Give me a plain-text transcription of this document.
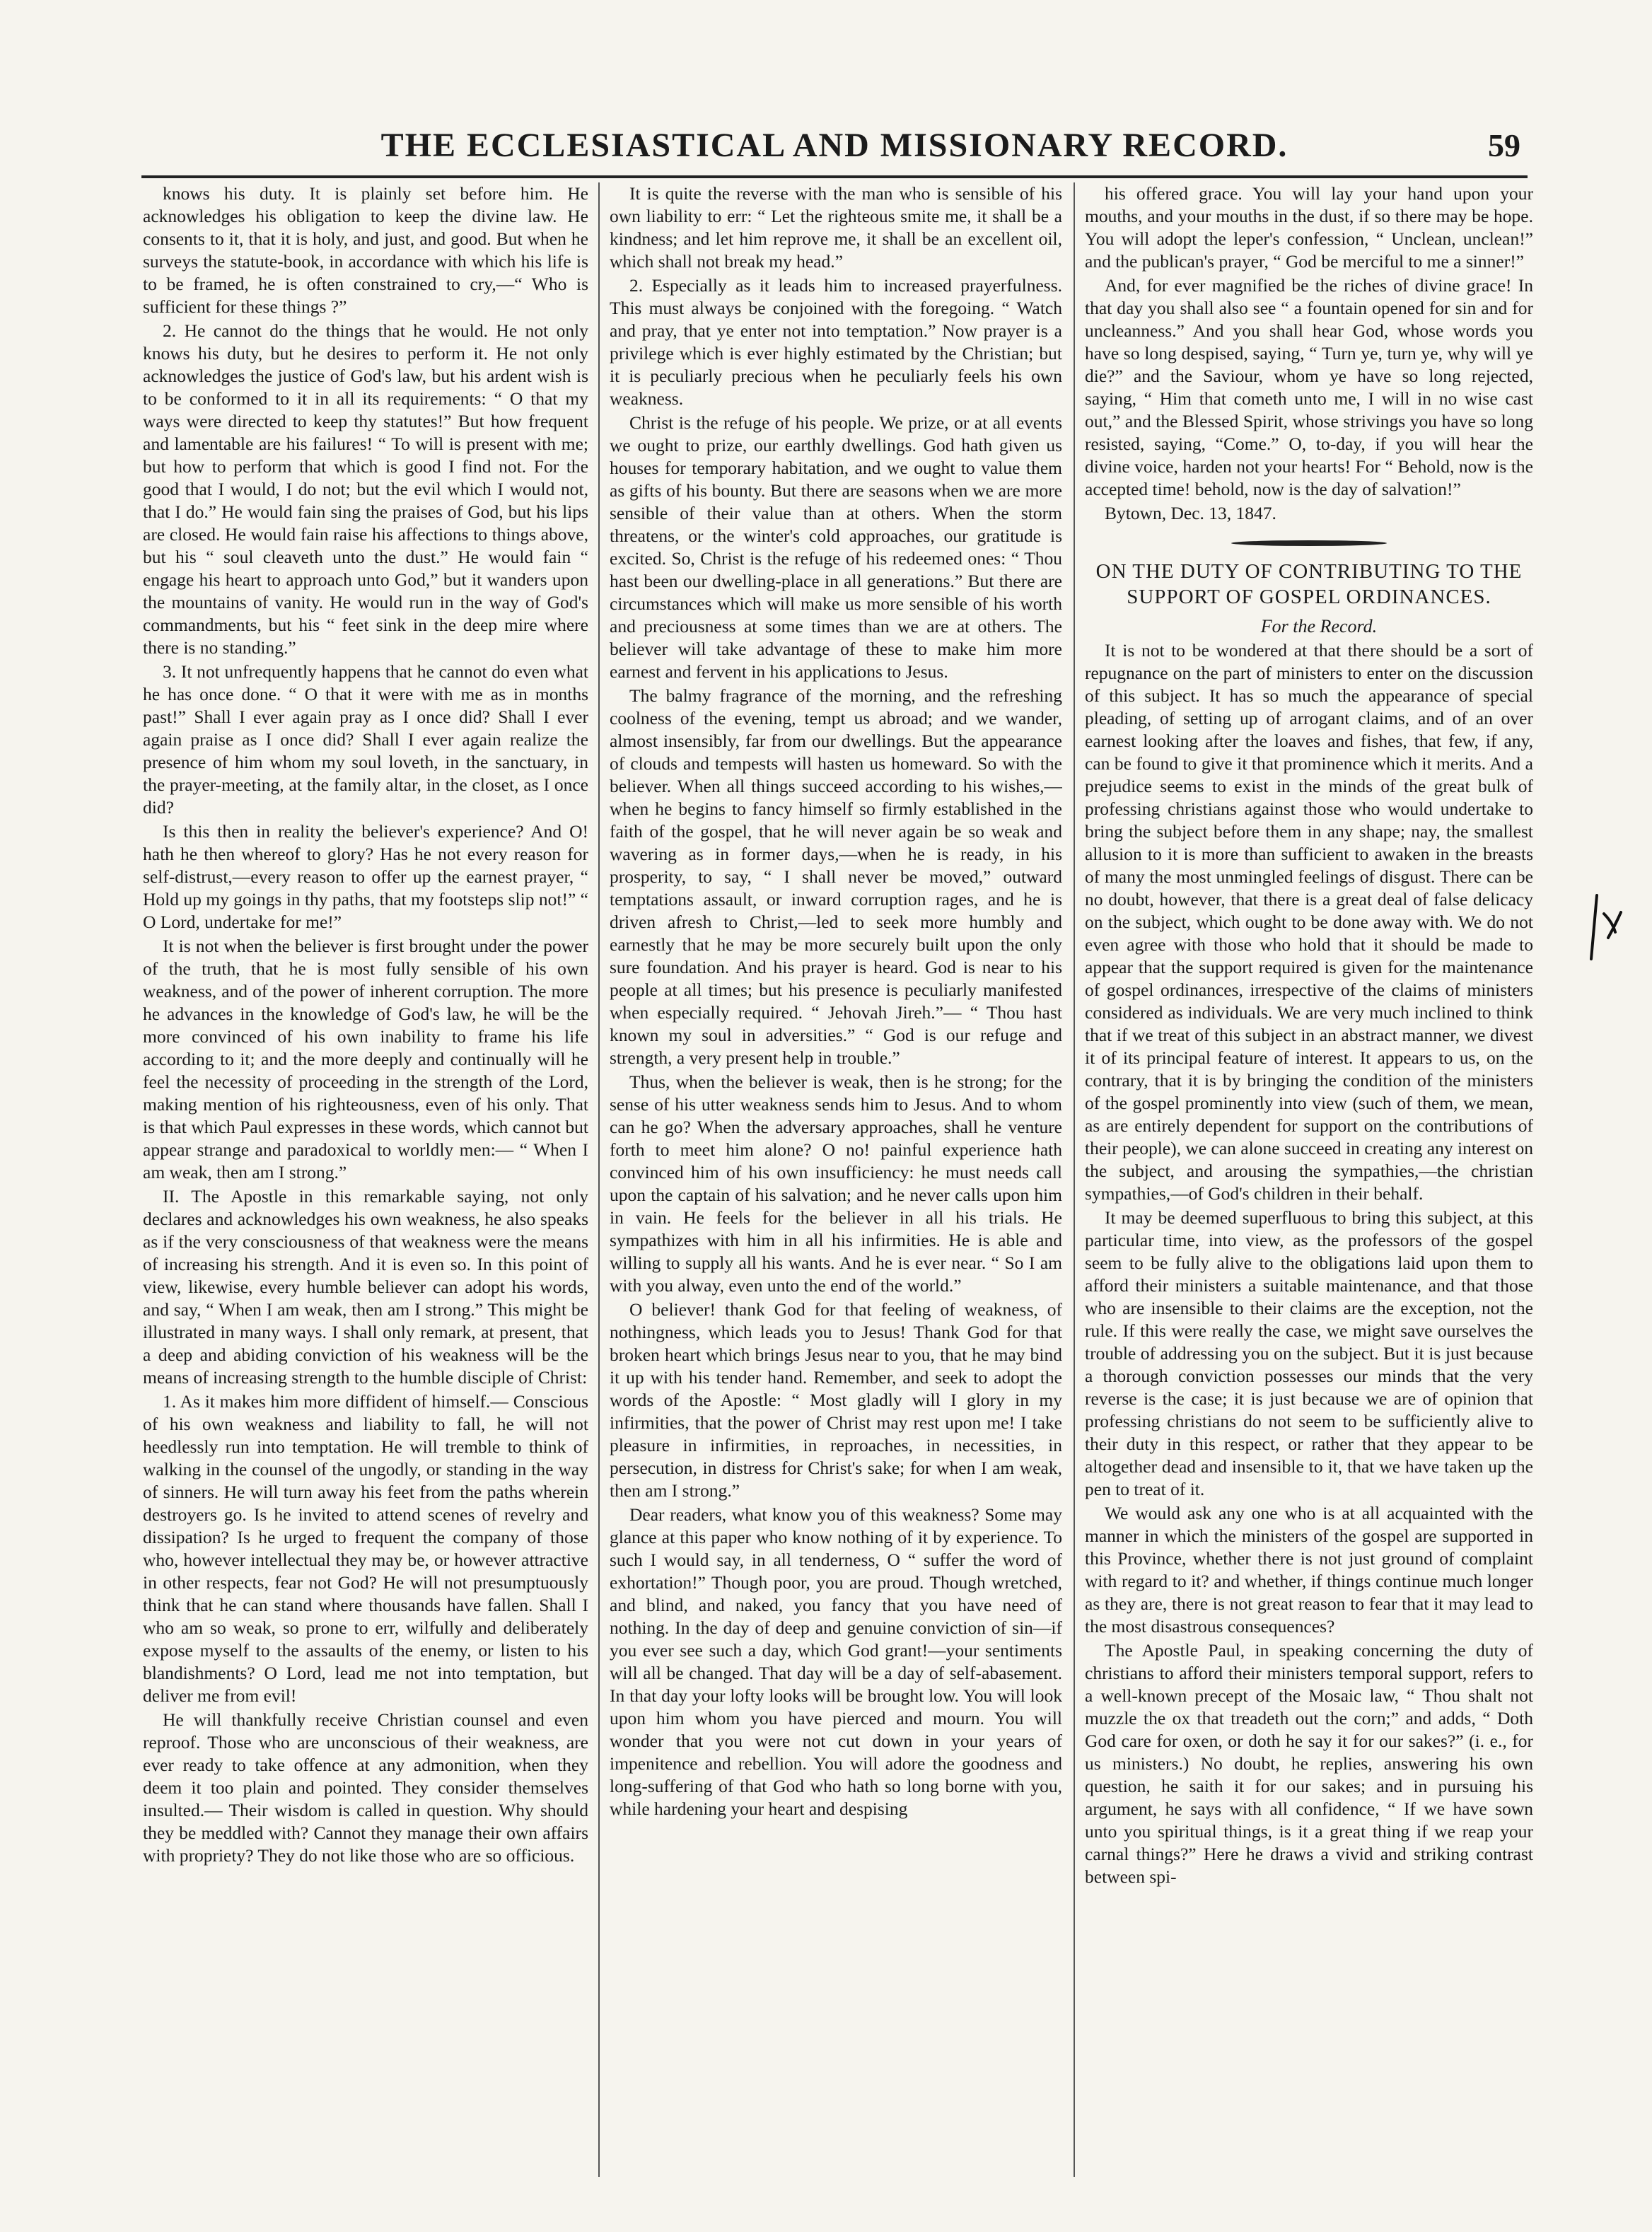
THE ECCLESIASTICAL AND MISSIONARY RECORD.	59

knows his duty. It is plainly set before him. He acknowledges his obligation to keep the divine law. He consents to it, that it is holy, and just, and good. But when he surveys the statute-book, in accordance with which his life is to be framed, he is often constrained to cry,—“ Who is sufficient for these things ?”

2. He cannot do the things that he would. He not only knows his duty, but he desires to perform it. He not only acknowledges the justice of God's law, but his ardent wish is to be conformed to it in all its requirements: “ O that my ways were directed to keep thy statutes!” But how frequent and lamentable are his failures! “ To will is present with me; but how to perform that which is good I find not. For the good that I would, I do not; but the evil which I would not, that I do.” He would fain sing the praises of God, but his lips are closed. He would fain raise his affections to things above, but his “ soul cleaveth unto the dust.” He would fain “ engage his heart to approach unto God,” but it wanders upon the mountains of vanity. He would run in the way of God's commandments, but his “ feet sink in the deep mire where there is no standing.”

3. It not unfrequently happens that he cannot do even what he has once done. “ O that it were with me as in months past!” Shall I ever again pray as I once did? Shall I ever again praise as I once did? Shall I ever again realize the presence of him whom my soul loveth, in the sanctuary, in the prayer-meeting, at the family altar, in the closet, as I once did?

Is this then in reality the believer's experience? And O! hath he then whereof to glory? Has he not every reason for self-distrust,—every reason to offer up the earnest prayer, “ Hold up my goings in thy paths, that my footsteps slip not!” “ O Lord, undertake for me!”

It is not when the believer is first brought under the power of the truth, that he is most fully sensible of his own weakness, and of the power of inherent corruption. The more he advances in the knowledge of God's law, he will be the more convinced of his own inability to frame his life according to it; and the more deeply and continually will he feel the necessity of proceeding in the strength of the Lord, making mention of his righteousness, even of his only. That is that which Paul expresses in these words, which cannot but appear strange and paradoxical to worldly men:— “ When I am weak, then am I strong.”

II. The Apostle in this remarkable saying, not only declares and acknowledges his own weakness, he also speaks as if the very consciousness of that weakness were the means of increasing his strength. And it is even so. In this point of view, likewise, every humble believer can adopt his words, and say, “ When I am weak, then am I strong.” This might be illustrated in many ways. I shall only remark, at present, that a deep and abiding conviction of his weakness will be the means of increasing strength to the humble disciple of Christ:

1. As it makes him more diffident of himself.— Conscious of his own weakness and liability to fall, he will not heedlessly run into temptation. He will tremble to think of walking in the counsel of the ungodly, or standing in the way of sinners. He will turn away his feet from the paths wherein destroyers go. Is he invited to attend scenes of revelry and dissipation? Is he urged to frequent the company of those who, however intellectual they may be, or however attractive in other respects, fear not God? He will not presumptuously think that he can stand where thousands have fallen. Shall I who am so weak, so prone to err, wilfully and deliberately expose myself to the assaults of the enemy, or listen to his blandishments? O Lord, lead me not into temptation, but deliver me from evil!

He will thankfully receive Christian counsel and even reproof. Those who are unconscious of their weakness, are ever ready to take offence at any admonition, when they deem it too plain and pointed. They consider themselves insulted.— Their wisdom is called in question. Why should they be meddled with? Cannot they manage their own affairs with propriety? They do not like those who are so officious.

It is quite the reverse with the man who is sensible of his own liability to err: “ Let the righteous smite me, it shall be a kindness; and let him reprove me, it shall be an excellent oil, which shall not break my head.”

2. Especially as it leads him to increased prayerfulness. This must always be conjoined with the foregoing. “ Watch and pray, that ye enter not into temptation.” Now prayer is a privilege which is ever highly estimated by the Christian; but it is peculiarly precious when he peculiarly feels his own weakness.

Christ is the refuge of his people. We prize, or at all events we ought to prize, our earthly dwellings. God hath given us houses for temporary habitation, and we ought to value them as gifts of his bounty. But there are seasons when we are more sensible of their value than at others. When the storm threatens, or the winter's cold approaches, our gratitude is excited. So, Christ is the refuge of his redeemed ones: “ Thou hast been our dwelling-place in all generations.” But there are circumstances which will make us more sensible of his worth and preciousness at some times than we are at others. The believer will take advantage of these to make him more earnest and fervent in his applications to Jesus.

The balmy fragrance of the morning, and the refreshing coolness of the evening, tempt us abroad; and we wander, almost insensibly, far from our dwellings. But the appearance of clouds and tempests will hasten us homeward. So with the believer. When all things succeed according to his wishes,—when he begins to fancy himself so firmly established in the faith of the gospel, that he will never again be so weak and wavering as in former days,—when he is ready, in his prosperity, to say, “ I shall never be moved,” outward temptations assault, or inward corruption rages, and he is driven afresh to Christ,—led to seek more humbly and earnestly that he may be more securely built upon the only sure foundation. And his prayer is heard. God is near to his people at all times; but his presence is peculiarly manifested when especially required. “ Jehovah Jireh.”— “ Thou hast known my soul in adversities.” “ God is our refuge and strength, a very present help in trouble.”

Thus, when the believer is weak, then is he strong; for the sense of his utter weakness sends him to Jesus. And to whom can he go? When the adversary approaches, shall he venture forth to meet him alone? O no! painful experience hath convinced him of his own insufficiency: he must needs call upon the captain of his salvation; and he never calls upon him in vain. He feels for the believer in all his trials. He sympathizes with him in all his infirmities. He is able and willing to supply all his wants. And he is ever near. “ So I am with you alway, even unto the end of the world.”

O believer! thank God for that feeling of weakness, of nothingness, which leads you to Jesus! Thank God for that broken heart which brings Jesus near to you, that he may bind it up with his tender hand. Remember, and seek to adopt the words of the Apostle: “ Most gladly will I glory in my infirmities, that the power of Christ may rest upon me! I take pleasure in infirmities, in reproaches, in necessities, in persecution, in distress for Christ's sake; for when I am weak, then am I strong.”

Dear readers, what know you of this weakness? Some may glance at this paper who know nothing of it by experience. To such I would say, in all tenderness, O “ suffer the word of exhortation!” Though poor, you are proud. Though wretched, and blind, and naked, you fancy that you have need of nothing. In the day of deep and genuine conviction of sin—if you ever see such a day, which God grant!—your sentiments will all be changed. That day will be a day of self-abasement. In that day your lofty looks will be brought low. You will look upon him whom you have pierced and mourn. You will wonder that you were not cut down in your years of impenitence and rebellion. You will adore the goodness and long-suffering of that God who hath so long borne with you, while hardening your heart and despising

his offered grace. You will lay your hand upon your mouths, and your mouths in the dust, if so there may be hope. You will adopt the leper's confession, “ Unclean, unclean!” and the publican's prayer, “ God be merciful to me a sinner!”

And, for ever magnified be the riches of divine grace! In that day you shall also see “ a fountain opened for sin and for uncleanness.” And you shall hear God, whose words you have so long despised, saying, “ Turn ye, turn ye, why will ye die?” and the Saviour, whom ye have so long rejected, saying, “ Him that cometh unto me, I will in no wise cast out,” and the Blessed Spirit, whose strivings you have so long resisted, saying, “Come.” O, to-day, if you will hear the divine voice, harden not your hearts! For “ Behold, now is the accepted time! behold, now is the day of salvation!”

Bytown, Dec. 13, 1847.

ON THE DUTY OF CONTRIBUTING TO THE SUPPORT OF GOSPEL ORDINANCES.

For the Record.

It is not to be wondered at that there should be a sort of repugnance on the part of ministers to enter on the discussion of this subject. It has so much the appearance of special pleading, of setting up of arrogant claims, and of an over earnest looking after the loaves and fishes, that few, if any, can be found to give it that prominence which it merits. And a prejudice seems to exist in the minds of the great bulk of professing christians against those who would undertake to bring the subject before them in any shape; nay, the smallest allusion to it is more than sufficient to awaken in the breasts of many the most unmingled feelings of disgust. There can be no doubt, however, that there is a great deal of false delicacy on the subject, which ought to be done away with. We do not even agree with those who hold that it should be made to appear that the support required is given for the maintenance of gospel ordinances, irrespective of the claims of ministers considered as individuals. We are very much inclined to think that if we treat of this subject in an abstract manner, we divest it of its principal feature of interest. It appears to us, on the contrary, that it is by bringing the condition of the ministers of the gospel prominently into view (such of them, we mean, as are entirely dependent for support on the contributions of their people), we can alone succeed in creating any interest on the subject, and arousing the sympathies,—the christian sympathies,—of God's children in their behalf.

It may be deemed superfluous to bring this subject, at this particular time, into view, as the professors of the gospel seem to be fully alive to the obligations laid upon them to afford their ministers a suitable maintenance, and that those who are insensible to their claims are the exception, not the rule. If this were really the case, we might save ourselves the trouble of addressing you on the subject. But it is just because a thorough conviction possesses our minds that the very reverse is the case; it is just because we are of opinion that professing christians do not seem to be sufficiently alive to their duty in this respect, or rather that they appear to be altogether dead and insensible to it, that we have taken up the pen to treat of it.

We would ask any one who is at all acquainted with the manner in which the ministers of the gospel are supported in this Province, whether there is not just ground of complaint with regard to it? and whether, if things continue much longer as they are, there is not great reason to fear that it may lead to the most disastrous consequences?

The Apostle Paul, in speaking concerning the duty of christians to afford their ministers temporal support, refers to a well-known precept of the Mosaic law, “ Thou shalt not muzzle the ox that treadeth out the corn;” and adds, “ Doth God care for oxen, or doth he say it for our sakes?” (i. e., for us ministers.) No doubt, he replies, answering his own question, he saith it for our sakes; and in pursuing his argument, he says with all confidence, “ If we have sown unto you spiritual things, is it a great thing if we reap your carnal things?” Here he draws a vivid and striking contrast between spi-
